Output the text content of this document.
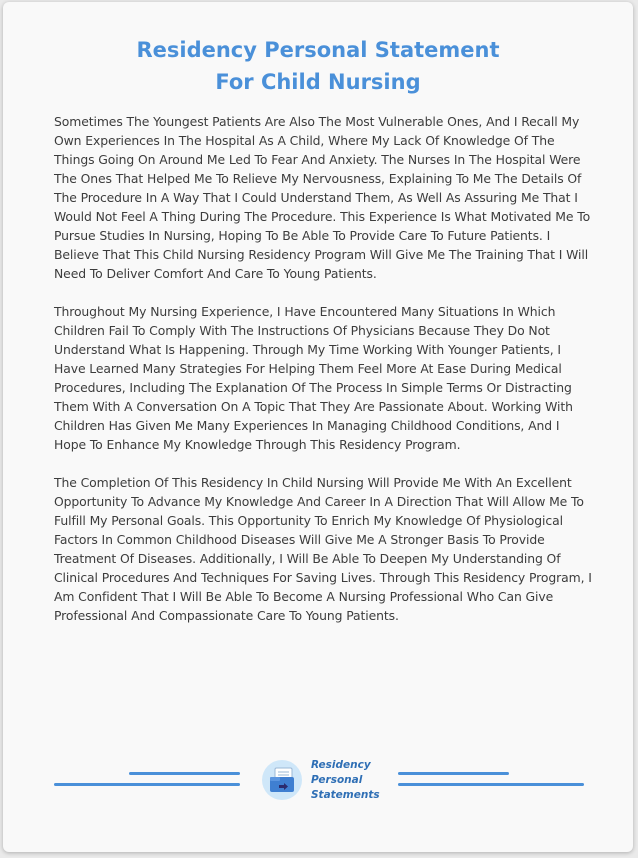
Residency Personal Statement
For Child Nursing

Sometimes The Youngest Patients Are Also The Most Vulnerable Ones, And I Recall My Own Experiences In The Hospital As A Child, Where My Lack Of Knowledge Of The Things Going On Around Me Led To Fear And Anxiety. The Nurses In The Hospital Were The Ones That Helped Me To Relieve My Nervousness, Explaining To Me The Details Of The Procedure In A Way That I Could Understand Them, As Well As Assuring Me That I Would Not Feel A Thing During The Procedure. This Experience Is What Motivated Me To Pursue Studies In Nursing, Hoping To Be Able To Provide Care To Future Patients. I Believe That This Child Nursing Residency Program Will Give Me The Training That I Will Need To Deliver Comfort And Care To Young Patients.

Throughout My Nursing Experience, I Have Encountered Many Situations In Which Children Fail To Comply With The Instructions Of Physicians Because They Do Not Understand What Is Happening. Through My Time Working With Younger Patients, I Have Learned Many Strategies For Helping Them Feel More At Ease During Medical Procedures, Including The Explanation Of The Process In Simple Terms Or Distracting Them With A Conversation On A Topic That They Are Passionate About. Working With Children Has Given Me Many Experiences In Managing Childhood Conditions, And I Hope To Enhance My Knowledge Through This Residency Program.

The Completion Of This Residency In Child Nursing Will Provide Me With An Excellent Opportunity To Advance My Knowledge And Career In A Direction That Will Allow Me To Fulfill My Personal Goals. This Opportunity To Enrich My Knowledge Of Physiological Factors In Common Childhood Diseases Will Give Me A Stronger Basis To Provide Treatment Of Diseases. Additionally, I Will Be Able To Deepen My Understanding Of Clinical Procedures And Techniques For Saving Lives. Through This Residency Program, I Am Confident That I Will Be Able To Become A Nursing Professional Who Can Give Professional And Compassionate Care To Young Patients.

Residency
Personal
Statements
